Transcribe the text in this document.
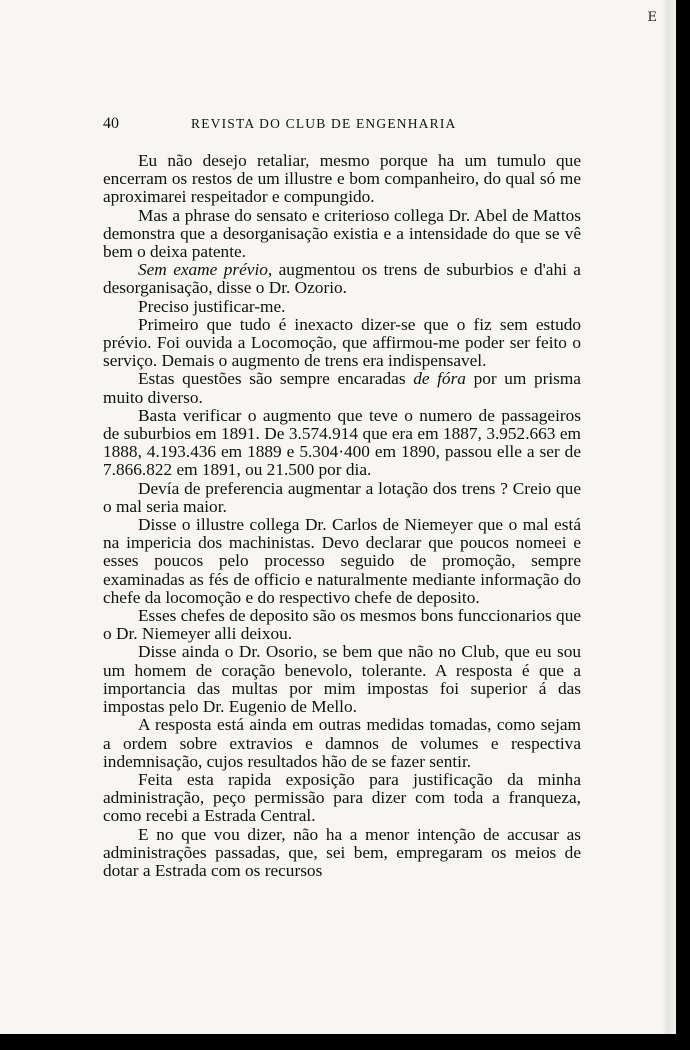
E
40	REVISTA DO CLUB DE ENGENHARIA

Eu não desejo retaliar, mesmo porque ha um tumulo que encerram os restos de um illustre e bom companheiro, do qual só me aproximarei respeitador e compungido.

Mas a phrase do sensato e criterioso collega Dr. Abel de Mattos demonstra que a desorganisação existia e a intensidade do que se vê bem o deixa patente.

Sem exame prévio, augmentou os trens de suburbios e d'ahi a desorganisação, disse o Dr. Ozorio.

Preciso justificar-me.

Primeiro que tudo é inexacto dizer-se que o fiz sem estudo prévio. Foi ouvida a Locomoção, que affirmou-me poder ser feito o serviço. Demais o augmento de trens era indispensavel.

Estas questões são sempre encaradas de fóra por um prisma muito diverso.

Basta verificar o augmento que teve o numero de passageiros de suburbios em 1891. De 3.574.914 que era em 1887, 3.952.663 em 1888, 4.193.436 em 1889 e 5.304·400 em 1890, passou elle a ser de 7.866.822 em 1891, ou 21.500 por dia.

Devía de preferencia augmentar a lotação dos trens ? Creio que o mal seria maior.

Disse o illustre collega Dr. Carlos de Niemeyer que o mal está na impericia dos machinistas. Devo declarar que poucos nomeei e esses poucos pelo processo seguido de promoção, sempre examinadas as fés de officio e naturalmente mediante informação do chefe da locomoção e do respectivo chefe de deposito.

Esses chefes de deposito são os mesmos bons funccionarios que o Dr. Niemeyer alli deixou.

Disse ainda o Dr. Osorio, se bem que não no Club, que eu sou um homem de coração benevolo, tolerante. A resposta é que a importancia das multas por mim impostas foi superior á das impostas pelo Dr. Eugenio de Mello.

A resposta está ainda em outras medidas tomadas, como sejam a ordem sobre extravios e damnos de volumes e respectiva indemnisação, cujos resultados hão de se fazer sentir.

Feita esta rapida exposição para justificação da minha administração, peço permissão para dizer com toda a franqueza, como recebi a Estrada Central.

E no que vou dizer, não ha a menor intenção de accusar as administrações passadas, que, sei bem, empregaram os meios de dotar a Estrada com os recursos
